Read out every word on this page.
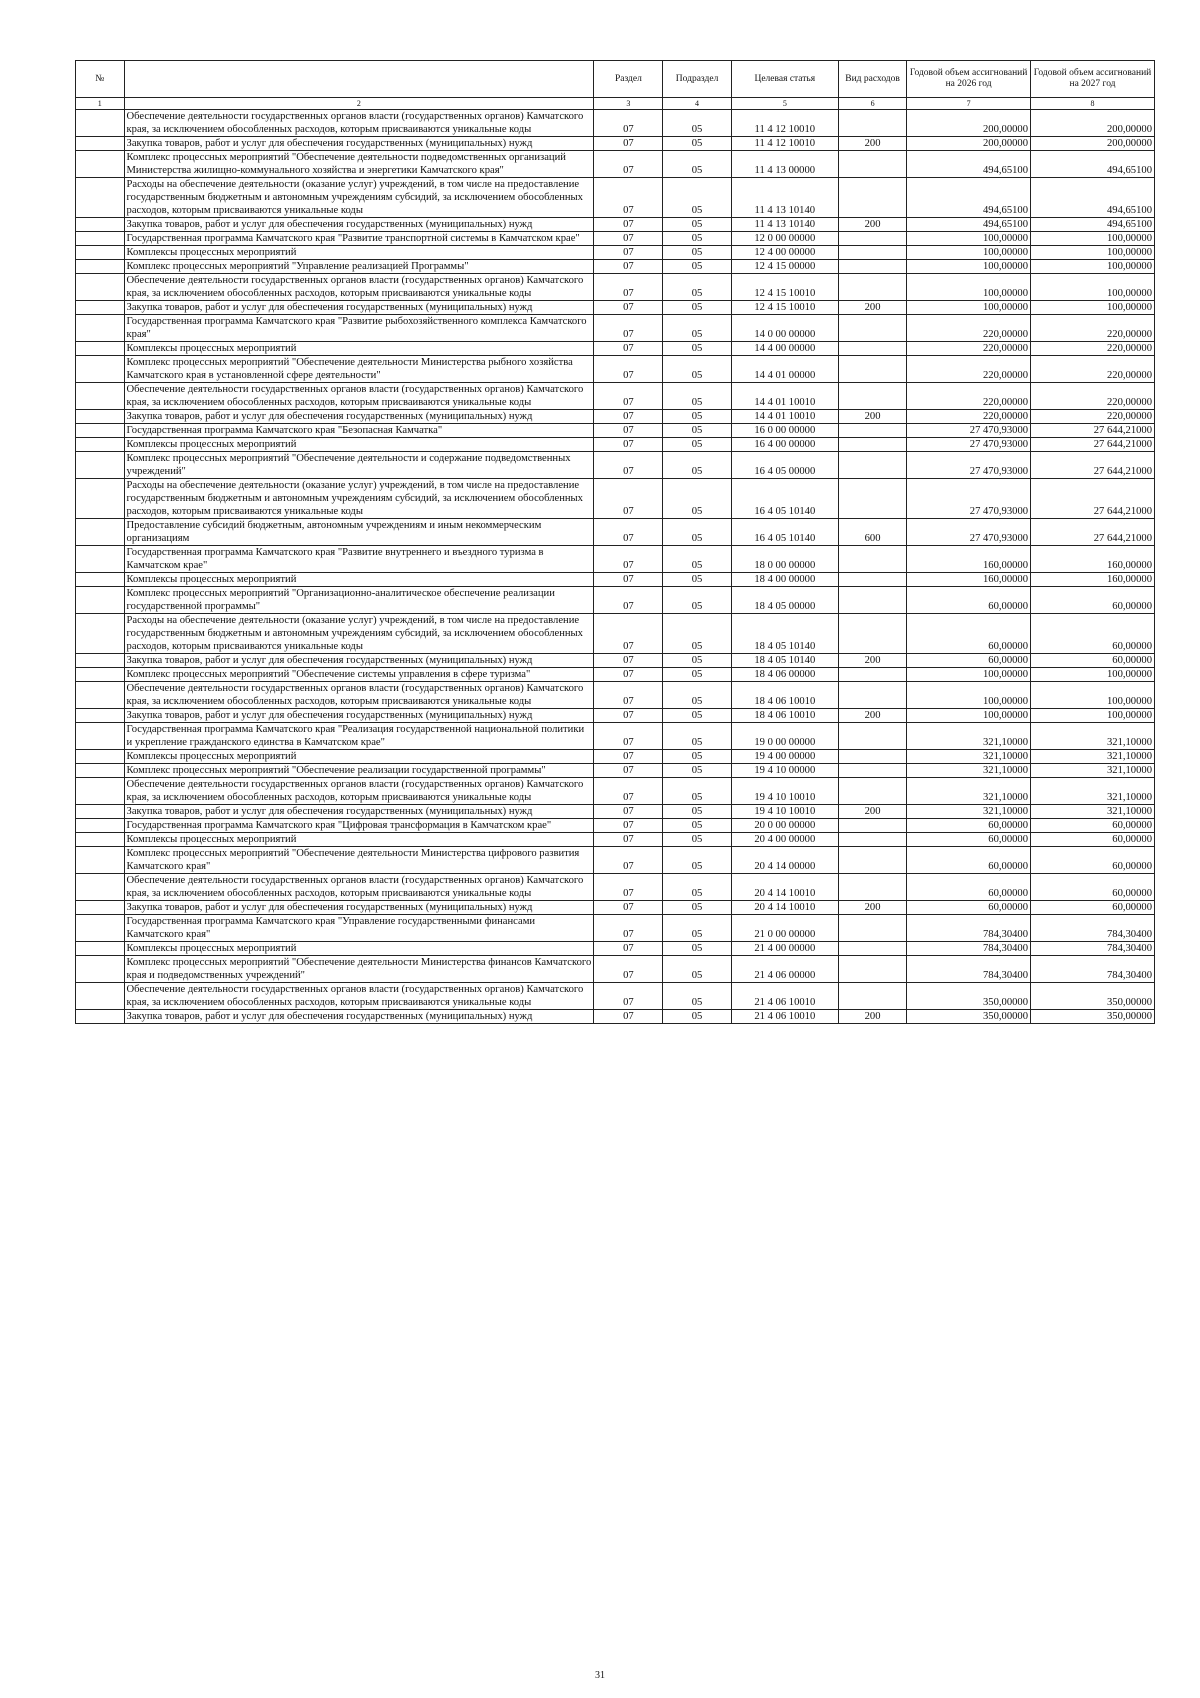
№		Раздел	Подраздел	Целевая статья	Вид расходов	Годовой объем ассигнований на 2026 год	Годовой объем ассигнований на 2027 год
1	2	3	4	5	6	7	8
	Обеспечение деятельности государственных органов власти (государственных органов) Камчатского края, за исключением обособленных расходов, которым присваиваются уникальные коды	07	05	11 4 12 10010		200,00000	200,00000
	Закупка товаров, работ и услуг для обеспечения государственных (муниципальных) нужд	07	05	11 4 12 10010	200	200,00000	200,00000
	Комплекс процессных мероприятий "Обеспечение деятельности подведомственных организаций Министерства жилищно-коммунального хозяйства и энергетики Камчатского края"	07	05	11 4 13 00000		494,65100	494,65100
	Расходы на обеспечение деятельности (оказание услуг) учреждений, в том числе на предоставление государственным бюджетным и автономным учреждениям субсидий, за исключением обособленных расходов, которым присваиваются уникальные коды	07	05	11 4 13 10140		494,65100	494,65100
	Закупка товаров, работ и услуг для обеспечения государственных (муниципальных) нужд	07	05	11 4 13 10140	200	494,65100	494,65100
	Государственная программа Камчатского края "Развитие транспортной системы в Камчатском крае"	07	05	12 0 00 00000		100,00000	100,00000
	Комплексы процессных мероприятий	07	05	12 4 00 00000		100,00000	100,00000
	Комплекс процессных мероприятий "Управление реализацией Программы"	07	05	12 4 15 00000		100,00000	100,00000
	Обеспечение деятельности государственных органов власти (государственных органов) Камчатского края, за исключением обособленных расходов, которым присваиваются уникальные коды	07	05	12 4 15 10010		100,00000	100,00000
	Закупка товаров, работ и услуг для обеспечения государственных (муниципальных) нужд	07	05	12 4 15 10010	200	100,00000	100,00000
	Государственная программа Камчатского края "Развитие рыбохозяйственного комплекса Камчатского края"	07	05	14 0 00 00000		220,00000	220,00000
	Комплексы процессных мероприятий	07	05	14 4 00 00000		220,00000	220,00000
	Комплекс процессных мероприятий "Обеспечение деятельности Министерства рыбного хозяйства Камчатского края в установленной сфере деятельности"	07	05	14 4 01 00000		220,00000	220,00000
	Обеспечение деятельности государственных органов власти (государственных органов) Камчатского края, за исключением обособленных расходов, которым присваиваются уникальные коды	07	05	14 4 01 10010		220,00000	220,00000
	Закупка товаров, работ и услуг для обеспечения государственных (муниципальных) нужд	07	05	14 4 01 10010	200	220,00000	220,00000
	Государственная программа Камчатского края "Безопасная Камчатка"	07	05	16 0 00 00000		27 470,93000	27 644,21000
	Комплексы процессных мероприятий	07	05	16 4 00 00000		27 470,93000	27 644,21000
	Комплекс процессных мероприятий "Обеспечение деятельности и содержание подведомственных учреждений"	07	05	16 4 05 00000		27 470,93000	27 644,21000
	Расходы на обеспечение деятельности (оказание услуг) учреждений, в том числе на предоставление государственным бюджетным и автономным учреждениям субсидий, за исключением обособленных расходов, которым присваиваются уникальные коды	07	05	16 4 05 10140		27 470,93000	27 644,21000
	Предоставление субсидий бюджетным, автономным учреждениям и иным некоммерческим организациям	07	05	16 4 05 10140	600	27 470,93000	27 644,21000
	Государственная программа Камчатского края "Развитие внутреннего и въездного туризма в Камчатском крае"	07	05	18 0 00 00000		160,00000	160,00000
	Комплексы процессных мероприятий	07	05	18 4 00 00000		160,00000	160,00000
	Комплекс процессных мероприятий "Организационно-аналитическое обеспечение реализации государственной программы"	07	05	18 4 05 00000		60,00000	60,00000
	Расходы на обеспечение деятельности (оказание услуг) учреждений, в том числе на предоставление государственным бюджетным и автономным учреждениям субсидий, за исключением обособленных расходов, которым присваиваются уникальные коды	07	05	18 4 05 10140		60,00000	60,00000
	Закупка товаров, работ и услуг для обеспечения государственных (муниципальных) нужд	07	05	18 4 05 10140	200	60,00000	60,00000
	Комплекс процессных мероприятий "Обеспечение системы управления в сфере туризма"	07	05	18 4 06 00000		100,00000	100,00000
	Обеспечение деятельности государственных органов власти (государственных органов) Камчатского края, за исключением обособленных расходов, которым присваиваются уникальные коды	07	05	18 4 06 10010		100,00000	100,00000
	Закупка товаров, работ и услуг для обеспечения государственных (муниципальных) нужд	07	05	18 4 06 10010	200	100,00000	100,00000
	Государственная программа Камчатского края "Реализация государственной национальной политики и укрепление гражданского единства в Камчатском крае"	07	05	19 0 00 00000		321,10000	321,10000
	Комплексы процессных мероприятий	07	05	19 4 00 00000		321,10000	321,10000
	Комплекс процессных мероприятий "Обеспечение реализации государственной программы"	07	05	19 4 10 00000		321,10000	321,10000
	Обеспечение деятельности государственных органов власти (государственных органов) Камчатского края, за исключением обособленных расходов, которым присваиваются уникальные коды	07	05	19 4 10 10010		321,10000	321,10000
	Закупка товаров, работ и услуг для обеспечения государственных (муниципальных) нужд	07	05	19 4 10 10010	200	321,10000	321,10000
	Государственная программа Камчатского края "Цифровая трансформация в Камчатском крае"	07	05	20 0 00 00000		60,00000	60,00000
	Комплексы процессных мероприятий	07	05	20 4 00 00000		60,00000	60,00000
	Комплекс процессных мероприятий "Обеспечение деятельности Министерства цифрового развития Камчатского края"	07	05	20 4 14 00000		60,00000	60,00000
	Обеспечение деятельности государственных органов власти (государственных органов) Камчатского края, за исключением обособленных расходов, которым присваиваются уникальные коды	07	05	20 4 14 10010		60,00000	60,00000
	Закупка товаров, работ и услуг для обеспечения государственных (муниципальных) нужд	07	05	20 4 14 10010	200	60,00000	60,00000
	Государственная программа Камчатского края "Управление государственными финансами Камчатского края"	07	05	21 0 00 00000		784,30400	784,30400
	Комплексы процессных мероприятий	07	05	21 4 00 00000		784,30400	784,30400
	Комплекс процессных мероприятий "Обеспечение деятельности Министерства финансов Камчатского края и подведомственных учреждений"	07	05	21 4 06 00000		784,30400	784,30400
	Обеспечение деятельности государственных органов власти (государственных органов) Камчатского края, за исключением обособленных расходов, которым присваиваются уникальные коды	07	05	21 4 06 10010		350,00000	350,00000
	Закупка товаров, работ и услуг для обеспечения государственных (муниципальных) нужд	07	05	21 4 06 10010	200	350,00000	350,00000
31
